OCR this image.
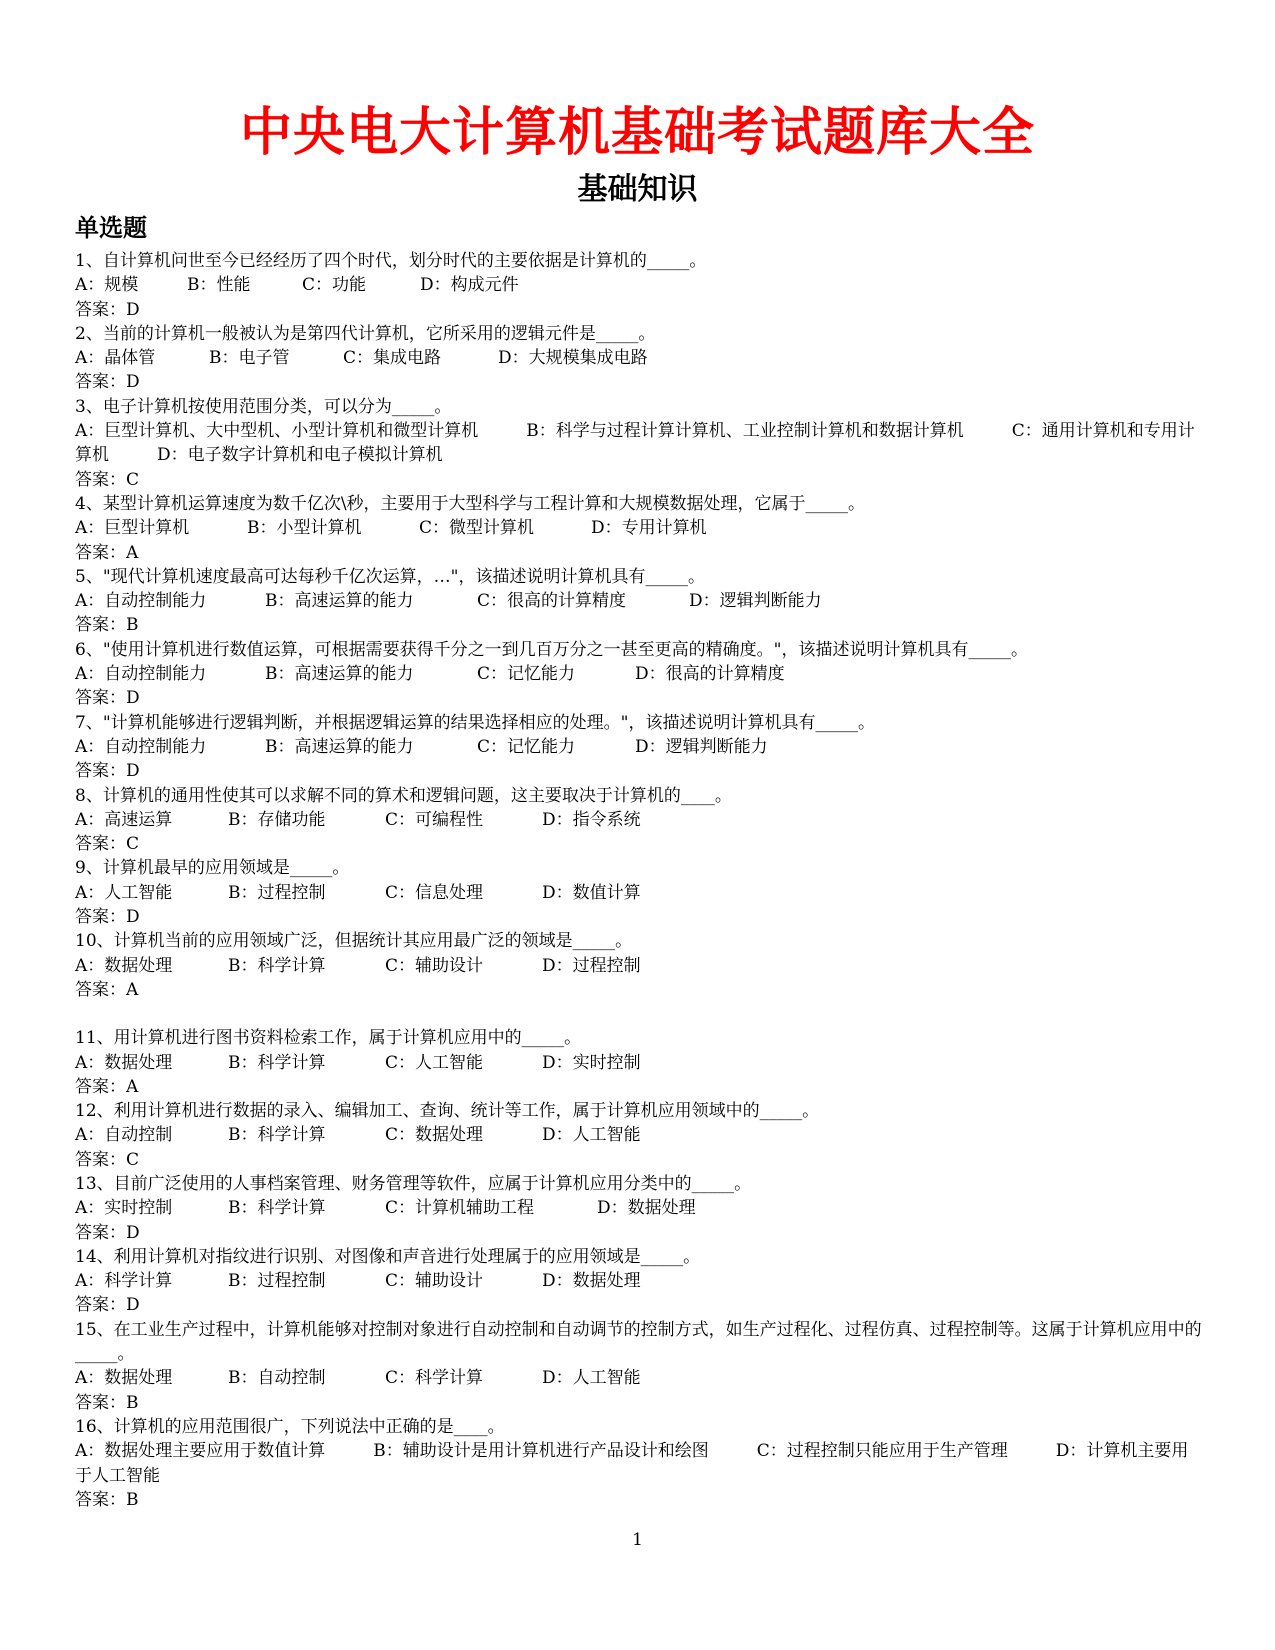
中央电大计算机基础考试题库大全
基础知识
单选题
1、自计算机问世至今已经经历了四个时代，划分时代的主要依据是计算机的_____。
A：规模	B：性能	C：功能	D：构成元件
答案：D
2、当前的计算机一般被认为是第四代计算机，它所采用的逻辑元件是_____。
A：晶体管	B：电子管	C：集成电路	D：大规模集成电路
答案：D
3、电子计算机按使用范围分类，可以分为_____。
A：巨型计算机、大中型机、小型计算机和微型计算机	B：科学与过程计算计算机、工业控制计算机和数据计算机	C：通用计算机和专用计算机	D：电子数字计算机和电子模拟计算机
答案：C
4、某型计算机运算速度为数千亿次\秒，主要用于大型科学与工程计算和大规模数据处理，它属于_____。
A：巨型计算机	B：小型计算机	C：微型计算机	D：专用计算机
答案：A
5、"现代计算机速度最高可达每秒千亿次运算，…"，该描述说明计算机具有_____。
A：自动控制能力	B：高速运算的能力	C：很高的计算精度	D：逻辑判断能力
答案：B
6、"使用计算机进行数值运算，可根据需要获得千分之一到几百万分之一甚至更高的精确度。"，该描述说明计算机具有_____。
A：自动控制能力	B：高速运算的能力	C：记忆能力	D：很高的计算精度
答案：D
7、"计算机能够进行逻辑判断，并根据逻辑运算的结果选择相应的处理。"，该描述说明计算机具有_____。
A：自动控制能力	B：高速运算的能力	C：记忆能力	D：逻辑判断能力
答案：D
8、计算机的通用性使其可以求解不同的算术和逻辑问题，这主要取决于计算机的____。
A：高速运算	B：存储功能	C：可编程性	D：指令系统
答案：C
9、计算机最早的应用领域是_____。
A：人工智能	B：过程控制	C：信息处理	D：数值计算
答案：D
10、计算机当前的应用领域广泛，但据统计其应用最广泛的领域是_____。
A：数据处理	B：科学计算	C：辅助设计	D：过程控制
答案：A
11、用计算机进行图书资料检索工作，属于计算机应用中的_____。
A：数据处理	B：科学计算	C：人工智能	D：实时控制
答案：A
12、利用计算机进行数据的录入、编辑加工、查询、统计等工作，属于计算机应用领域中的_____。
A：自动控制	B：科学计算	C：数据处理	D：人工智能
答案：C
13、目前广泛使用的人事档案管理、财务管理等软件，应属于计算机应用分类中的_____。
A：实时控制	B：科学计算	C：计算机辅助工程	D：数据处理
答案：D
14、利用计算机对指纹进行识别、对图像和声音进行处理属于的应用领域是_____。
A：科学计算	B：过程控制	C：辅助设计	D：数据处理
答案：D
15、在工业生产过程中，计算机能够对控制对象进行自动控制和自动调节的控制方式，如生产过程化、过程仿真、过程控制等。这属于计算机应用中的_____。
A：数据处理	B：自动控制	C：科学计算	D：人工智能
答案：B
16、计算机的应用范围很广，下列说法中正确的是____。
A：数据处理主要应用于数值计算	B：辅助设计是用计算机进行产品设计和绘图	C：过程控制只能应用于生产管理	D：计算机主要用于人工智能
答案：B
1
